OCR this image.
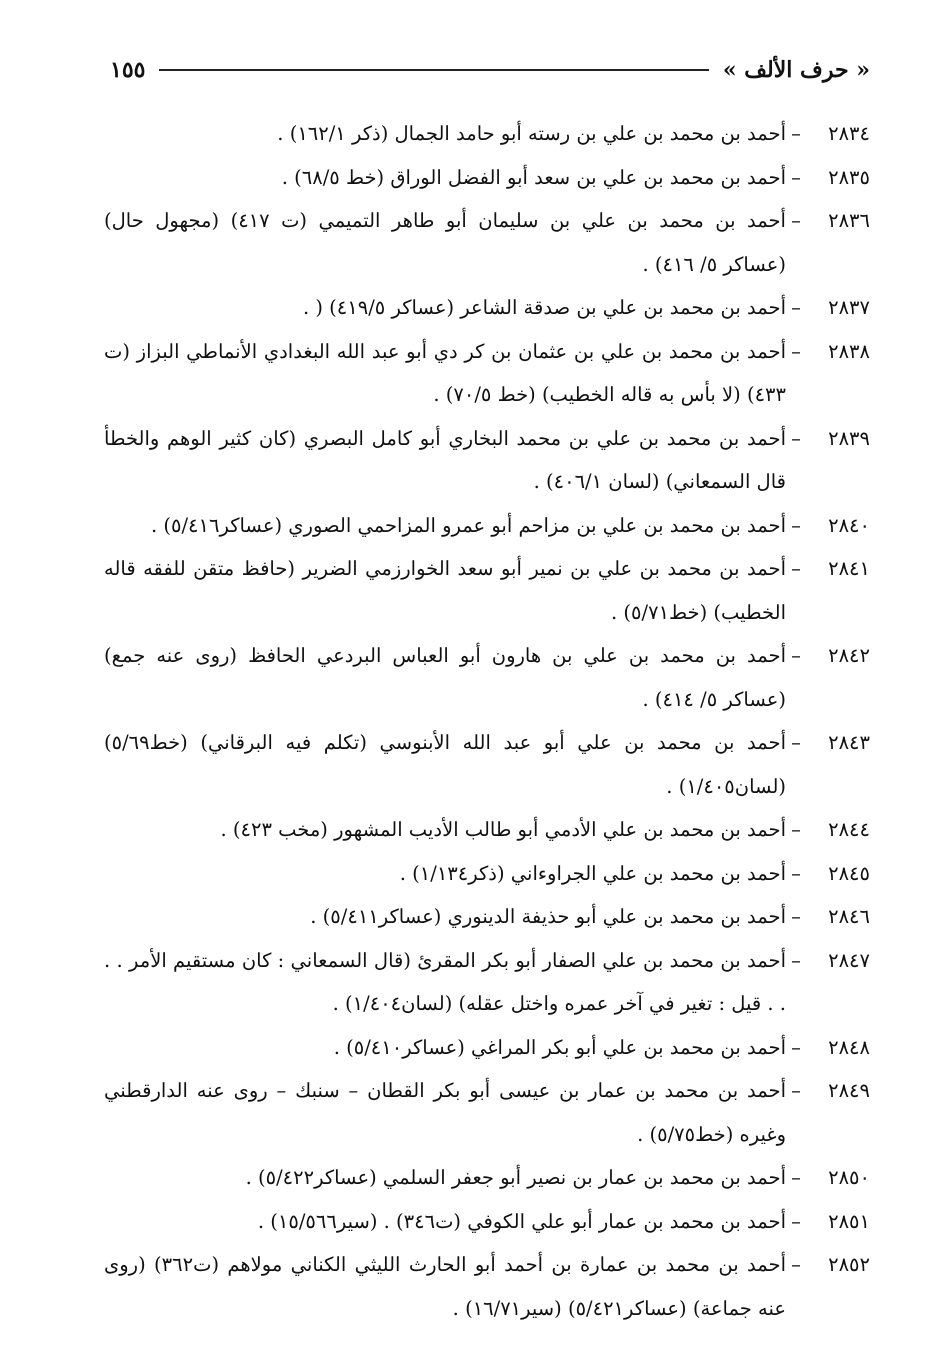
« حرف الألف »
١٥٥

٢٨٣٤
–
أحمد بن محمد بن علي بن رسته أبو حامد الجمال (ذكر ١٦٢/١) .

٢٨٣٥
–
أحمد بن محمد بن علي بن سعد أبو الفضل الوراق (خط ٦٨/٥) .

٢٨٣٦
–
أحمد بن محمد بن علي بن سليمان أبو طاهر التميمي (ت ٤١٧) (مجهول حال) (عساكر ٥/ ٤١٦) .

٢٨٣٧
–
أحمد بن محمد بن علي بن صدقة الشاعر (عساكر ٤١٩/٥) ( .

٢٨٣٨
–
أحمد بن محمد بن علي بن عثمان بن كر دي أبو عبد الله البغدادي الأنماطي البزاز (ت ٤٣٣) (لا بأس به قاله الخطيب) (خط ٧٠/٥) .

٢٨٣٩
–
أحمد بن محمد بن علي بن محمد البخاري أبو كامل البصري (كان كثير الوهم والخطأ قال السمعاني) (لسان ٤٠٦/١) .

٢٨٤٠
–
أحمد بن محمد بن علي بن مزاحم أبو عمرو المزاحمي الصوري (عساكر٥/٤١٦) .

٢٨٤١
–
أحمد بن محمد بن علي بن نمير أبو سعد الخوارزمي الضرير (حافظ متقن للفقه قاله الخطيب) (خط٥/٧١) .

٢٨٤٢
–
أحمد بن محمد بن علي بن هارون أبو العباس البردعي الحافظ (روى عنه جمع) (عساكر ٥/ ٤١٤) .

٢٨٤٣
–
أحمد بن محمد بن علي أبو عبد الله الأبنوسي (تكلم فيه البرقاني) (خط٥/٦٩) (لسان١/٤٠٥) .

٢٨٤٤
–
أحمد بن محمد بن علي الأدمي أبو طالب الأديب المشهور (مخب ٤٢٣) .

٢٨٤٥
–
أحمد بن محمد بن علي الجراوءاني (ذكر١/١٣٤) .

٢٨٤٦
–
أحمد بن محمد بن علي أبو حذيفة الدينوري (عساكر٥/٤١١) .

٢٨٤٧
–
أحمد بن محمد بن علي الصفار أبو بكر المقرئ (قال السمعاني : كان مستقيم الأمر . . . . قيل : تغير في آخر عمره واختل عقله) (لسان١/٤٠٤) .

٢٨٤٨
–
أحمد بن محمد بن علي أبو بكر المراغي (عساكر٥/٤١٠) .

٢٨٤٩
–
أحمد بن محمد بن عمار بن عيسى أبو بكر القطان – سنبك – روى عنه الدارقطني وغيره (خط٥/٧٥) .

٢٨٥٠
–
أحمد بن محمد بن عمار بن نصير أبو جعفر السلمي (عساكر٥/٤٢٢) .

٢٨٥١
–
أحمد بن محمد بن عمار أبو علي الكوفي (ت٣٤٦) . (سير١٥/٥٦٦) .

٢٨٥٢
–
أحمد بن محمد بن عمارة بن أحمد أبو الحارث الليثي الكناني مولاهم (ت٣٦٢) (روى عنه جماعة) (عساكر٥/٤٢١) (سير١٦/٧١) .
